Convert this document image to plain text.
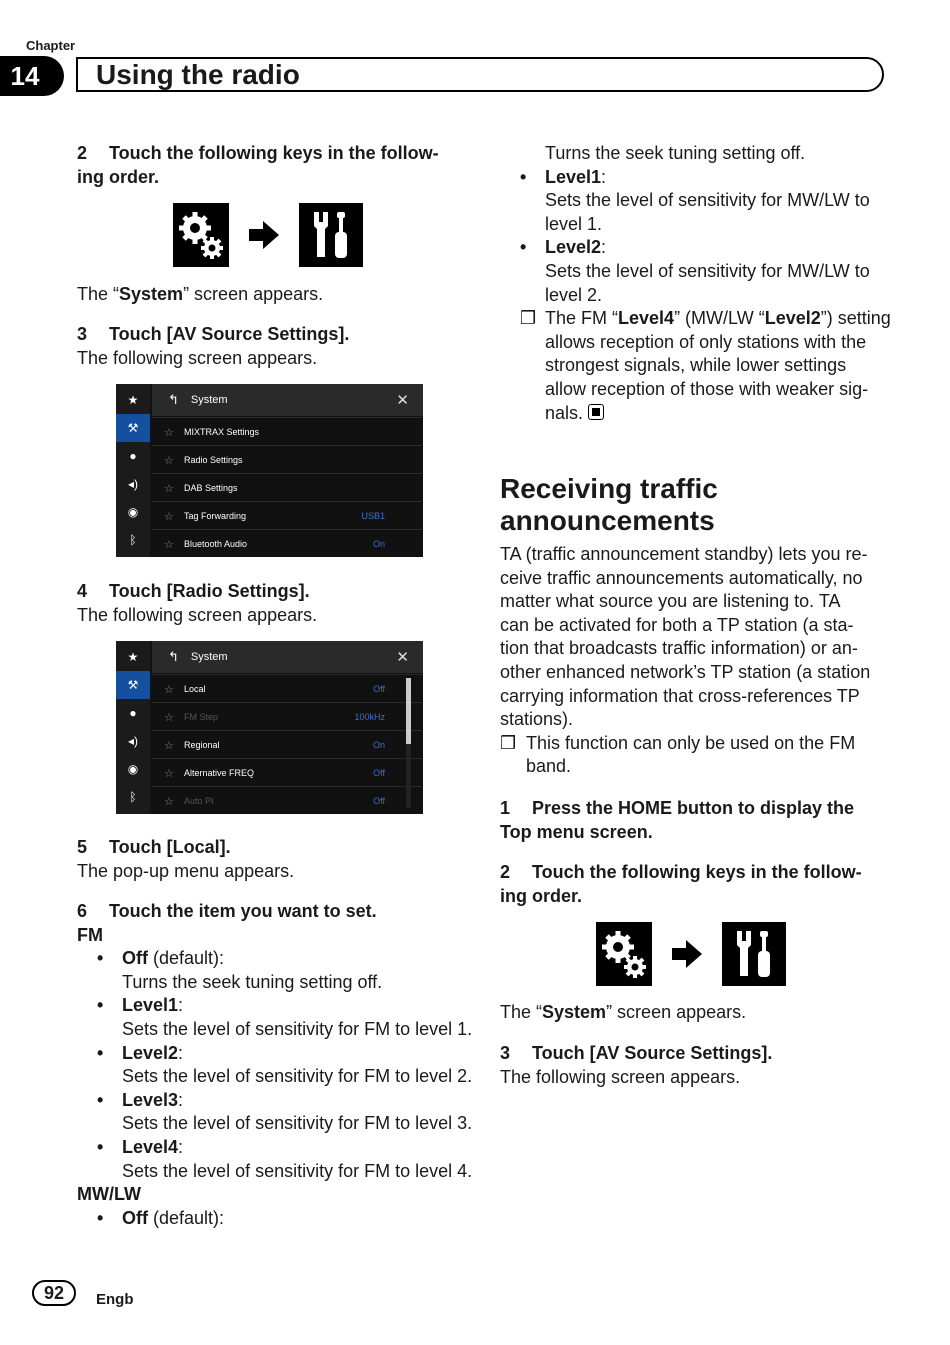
Chapter
14	Using the radio

2 Touch the following keys in the follow-

ing order.

The “System” screen appears.

3 Touch [AV Source Settings].

The following screen appears.

★
⚒
●
◂)
◉
ᛒ
↰ System	✕
☆	MIXTRAX Settings
☆	Radio Settings
☆	DAB Settings
☆	Tag Forwarding	USB1
☆	Bluetooth Audio	On

4 Touch [Radio Settings].

The following screen appears.

★
⚒
●
◂)
◉
ᛒ
↰ System	✕
☆	Local	Off
☆	FM Step	100kHz
☆	Regional	On
☆	Alternative FREQ	Off
☆	Auto PI	Off

5 Touch [Local].

The pop-up menu appears.

6 Touch the item you want to set.

FM

• Off (default):

Turns the seek tuning setting off.

• Level1:

Sets the level of sensitivity for FM to level 1.

• Level2:

Sets the level of sensitivity for FM to level 2.

• Level3:

Sets the level of sensitivity for FM to level 3.

• Level4:

Sets the level of sensitivity for FM to level 4.

MW/LW

• Off (default):

Turns the seek tuning setting off.

• Level1:

Sets the level of sensitivity for MW/LW to

level 1.

• Level2:

Sets the level of sensitivity for MW/LW to

level 2.

❒ The FM “Level4” (MW/LW “Level2”) setting

allows reception of only stations with the

strongest signals, while lower settings

allow reception of those with weaker sig-

nals.

Receiving traffic
announcements

TA (traffic announcement standby) lets you re-

ceive traffic announcements automatically, no

matter what source you are listening to. TA

can be activated for both a TP station (a sta-

tion that broadcasts traffic information) or an-

other enhanced network’s TP station (a station

carrying information that cross-references TP

stations).

❒ This function can only be used on the FM

band.

1 Press the HOME button to display the

Top menu screen.

2 Touch the following keys in the follow-

ing order.

The “System” screen appears.

3 Touch [AV Source Settings].

The following screen appears.

92	Engb
